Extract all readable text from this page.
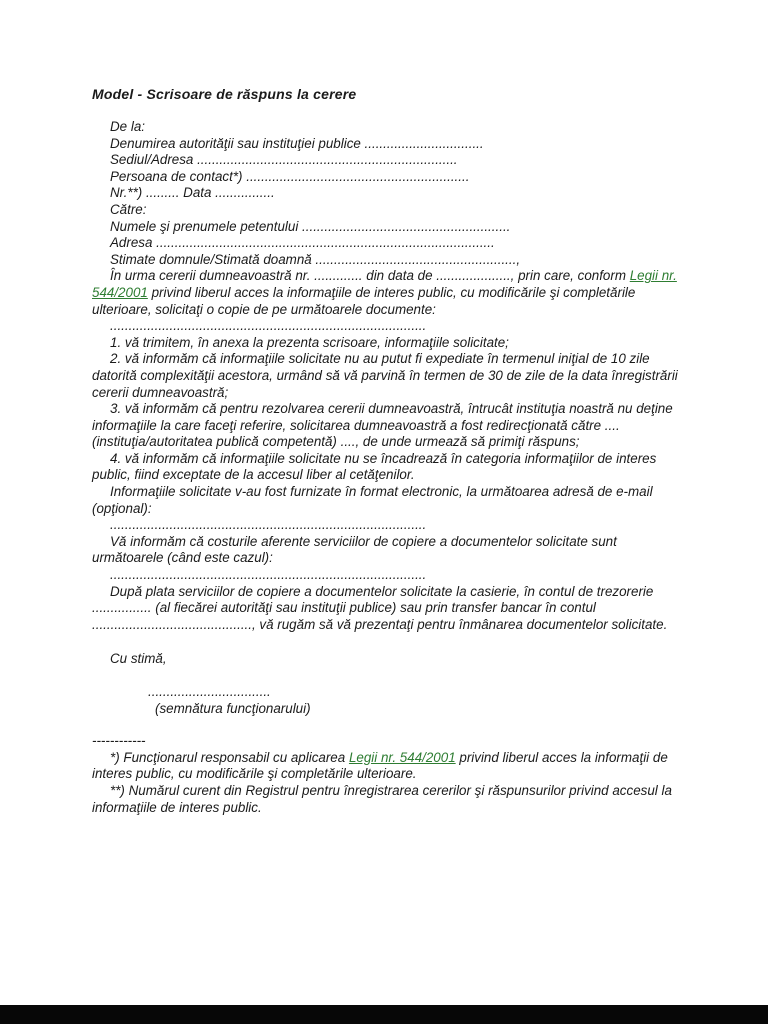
Model - Scrisoare de răspuns la cerere

De la:

Denumirea autorităţii sau instituţiei publice ................................

Sediul/Adresa ......................................................................

Persoana de contact*) ............................................................

Nr.**) ......... Data ................

Către:

Numele şi prenumele petentului ........................................................

Adresa ...........................................................................................

Stimate domnule/Stimată doamnă ......................................................,

În urma cererii dumneavoastră nr. ............. din data de ...................., prin care, conform Legii nr. 544/2001 privind liberul acces la informaţiile de interes public, cu modificările şi completările ulterioare, solicitaţi o copie de pe următoarele documente:

.....................................................................................

1. vă trimitem, în anexa la prezenta scrisoare, informaţiile solicitate;

2. vă informăm că informaţiile solicitate nu au putut fi expediate în termenul iniţial de 10 zile datorită complexităţii acestora, urmând să vă parvină în termen de 30 de zile de la data înregistrării cererii dumneavoastră;

3. vă informăm că pentru rezolvarea cererii dumneavoastră, întrucât instituţia noastră nu deţine informaţiile la care faceţi referire, solicitarea dumneavoastră a fost redirecţionată către .... (instituţia/autoritatea publică competentă) ...., de unde urmează să primiţi răspuns;

4. vă informăm că informaţiile solicitate nu se încadrează în categoria informaţiilor de interes public, fiind exceptate de la accesul liber al cetăţenilor.

Informaţiile solicitate v-au fost furnizate în format electronic, la următoarea adresă de e-mail (opţional):

.....................................................................................

Vă informăm că costurile aferente serviciilor de copiere a documentelor solicitate sunt următoarele (când este cazul):

.....................................................................................

După plata serviciilor de copiere a documentelor solicitate la casierie, în contul de trezorerie ................ (al fiecărei autorităţi sau instituţii publice) sau prin transfer bancar în contul ..........................................., vă rugăm să vă prezentaţi pentru înmânarea documentelor solicitate.

Cu stimă,

.................................

(semnătura funcţionarului)

------------

*) Funcţionarul responsabil cu aplicarea Legii nr. 544/2001 privind liberul acces la informaţii de interes public, cu modificările şi completările ulterioare.

**) Numărul curent din Registrul pentru înregistrarea cererilor şi răspunsurilor privind accesul la informaţiile de interes public.
